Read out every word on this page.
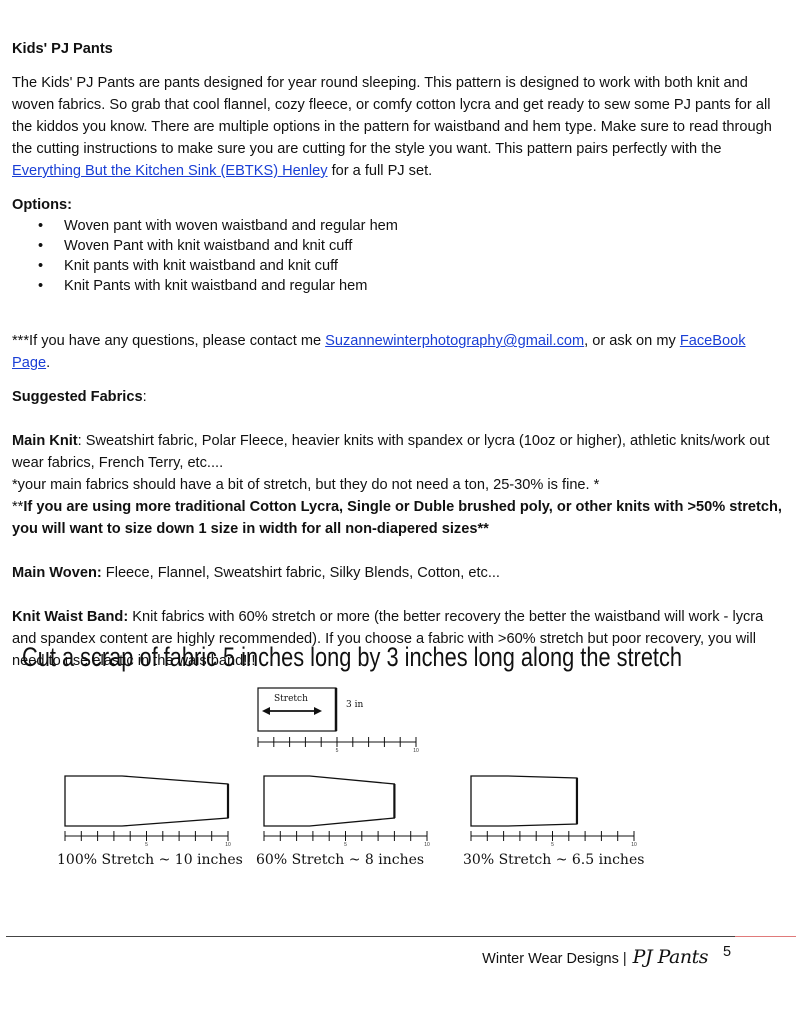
Kids' PJ Pants

The Kids' PJ Pants are pants designed for year round sleeping. This pattern is designed to work with both knit and woven fabrics. So grab that cool flannel, cozy fleece, or comfy cotton lycra and get ready to sew some PJ pants for all the kiddos you know. There are multiple options in the pattern for waistband and hem type. Make sure to read through the cutting instructions to make sure you are cutting for the style you want. This pattern pairs perfectly with the Everything But the Kitchen Sink (EBTKS) Henley for a full PJ set.

Options:
• Woven pant with woven waistband and regular hem
• Woven Pant with knit waistband and knit cuff
• Knit pants with knit waistband and knit cuff
• Knit Pants with knit waistband and regular hem

***If you have any questions, please contact me Suzannewinterphotography@gmail.com, or ask on my FaceBook Page.

Suggested Fabrics:

Main Knit: Sweatshirt fabric, Polar Fleece, heavier knits with spandex or lycra (10oz or higher), athletic knits/work out wear fabrics, French Terry, etc....

*your main fabrics should have a bit of stretch, but they do not need a ton, 25-30% is fine. *

**If you are using more traditional Cotton Lycra, Single or Duble brushed poly, or other knits with >50% stretch, you will want to size down 1 size in width for all non-diapered sizes**

Main Woven: Fleece, Flannel, Sweatshirt fabric, Silky Blends, Cotton, etc...

Knit Waist Band: Knit fabrics with 60% stretch or more (the better recovery the better the waistband will work - lycra and spandex content are highly recommended). If you choose a fabric with >60% stretch but poor recovery, you will need to use elastic in the waistband!!!

Cut a scrap of fabric 5 inches long by 3 inches long along the stretch
Stretch
3 in
5	10
5	10
100% Stretch ~ 10 inches
5	10
60% Stretch ~ 8 inches
5	10
30% Stretch ~ 6.5 inches
Winter Wear Designs | PJ Pants 5
